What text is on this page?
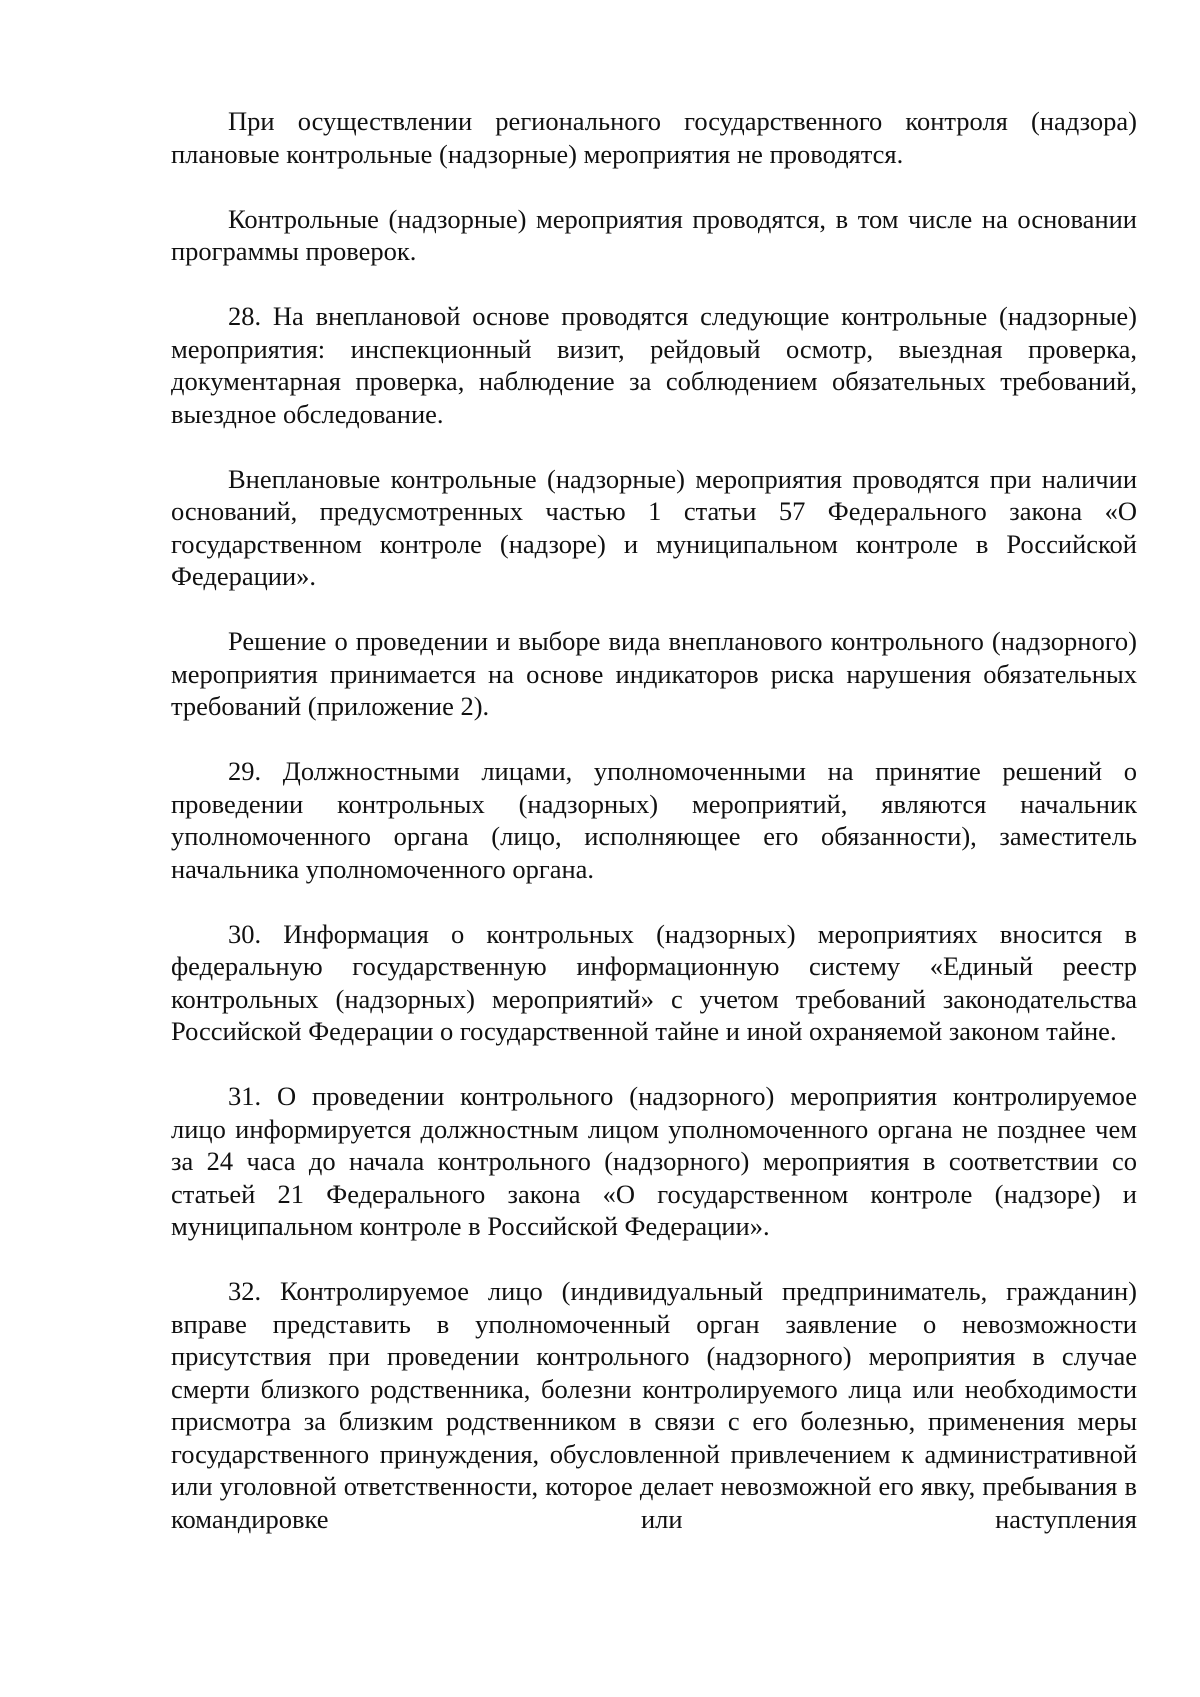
При осуществлении регионального государственного контроля (надзора) плановые контрольные (надзорные) мероприятия не проводятся.

Контрольные (надзорные) мероприятия проводятся, в том числе на основании программы проверок.

28. На внеплановой основе проводятся следующие контрольные (надзорные) мероприятия: инспекционный визит, рейдовый осмотр, выездная проверка, документарная проверка, наблюдение за соблюдением обязательных требований, выездное обследование.

Внеплановые контрольные (надзорные) мероприятия проводятся при наличии оснований, предусмотренных частью 1 статьи 57 Федерального закона «О государственном контроле (надзоре) и муниципальном контроле в Российской Федерации».

Решение о проведении и выборе вида внепланового контрольного (надзорного) мероприятия принимается на основе индикаторов риска нарушения обязательных требований (приложение 2).

29. Должностными лицами, уполномоченными на принятие решений о проведении контрольных (надзорных) мероприятий, являются начальник уполномоченного органа (лицо, исполняющее его обязанности), заместитель начальника уполномоченного органа.

30. Информация о контрольных (надзорных) мероприятиях вносится в федеральную государственную информационную систему «Единый реестр контрольных (надзорных) мероприятий» с учетом требований законодательства Российской Федерации о государственной тайне и иной охраняемой законом тайне.

31. О проведении контрольного (надзорного) мероприятия контролируемое лицо информируется должностным лицом уполномоченного органа не позднее чем за 24 часа до начала контрольного (надзорного) мероприятия в соответствии со статьей 21 Федерального закона «О государственном контроле (надзоре) и муниципальном контроле в Российской Федерации».

32. Контролируемое лицо (индивидуальный предприниматель, гражданин) вправе представить в уполномоченный орган заявление о невозможности присутствия при проведении контрольного (надзорного) мероприятия в случае смерти близкого родственника, болезни контролируемого лица или необходимости присмотра за близким родственником в связи с его болезнью, применения меры государственного принуждения, обусловленной привлечением к административной или уголовной ответственности, которое делает невозможной его явку, пребывания в командировке или наступления
